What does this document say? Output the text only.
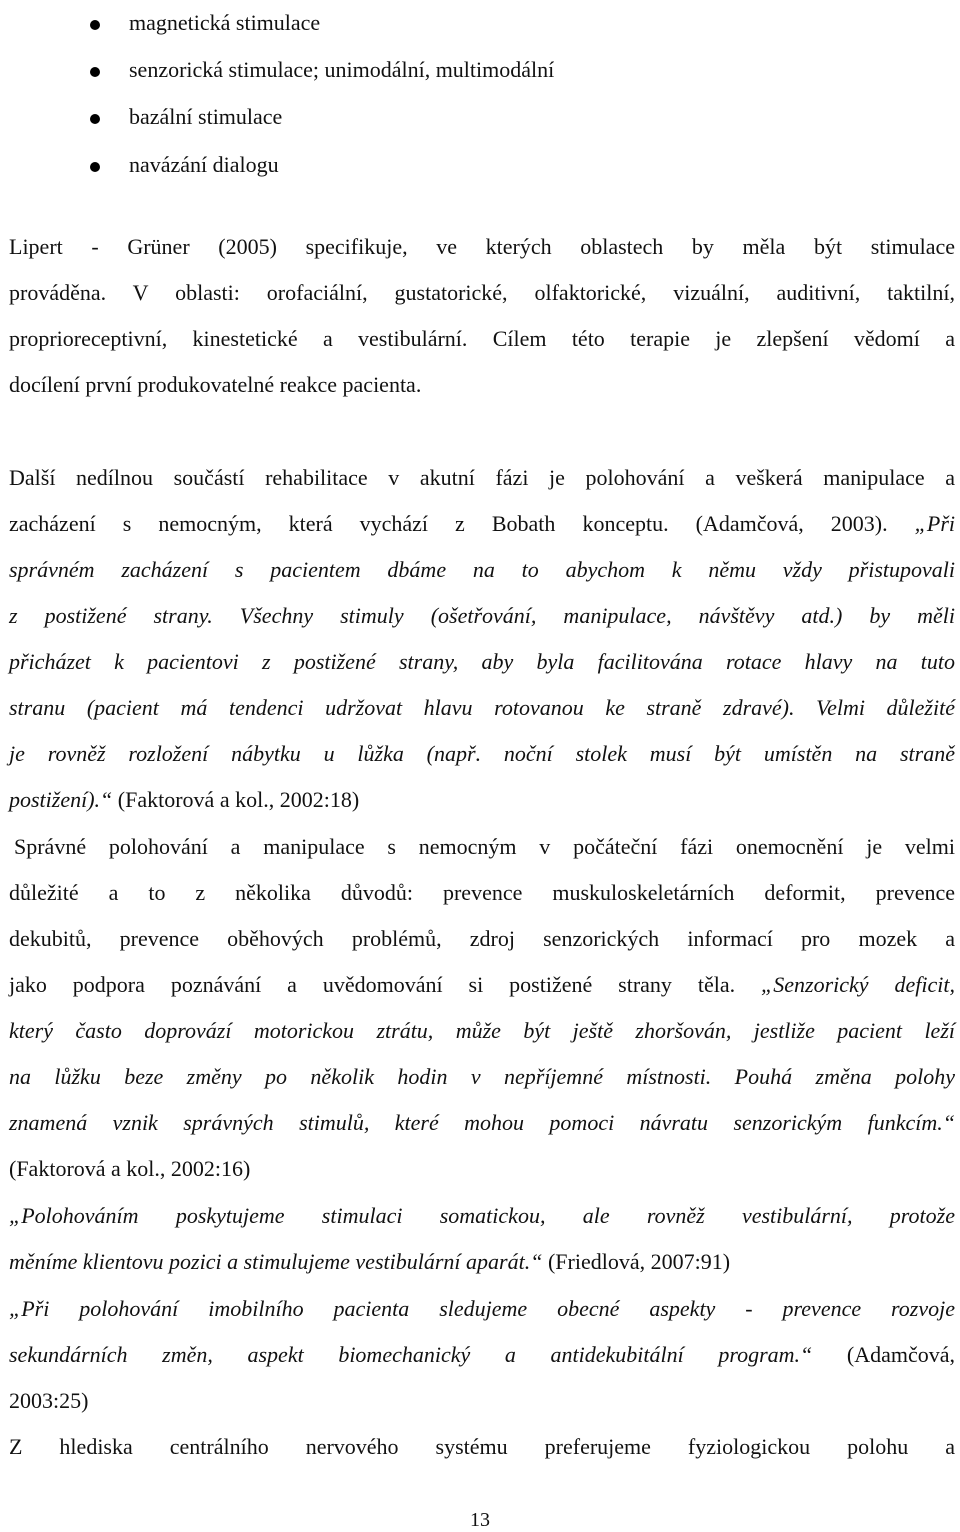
magnetická stimulace
senzorická stimulace; unimodální, multimodální
bazální stimulace
navázání dialogu
Lipert - Grüner (2005) specifikuje, ve kterých oblastech by měla být stimulace
prováděna. V oblasti: orofaciální, gustatorické, olfaktorické, vizuální, auditivní, taktilní,
proprioreceptivní, kinestetické a vestibulární. Cílem této terapie je zlepšení vědomí a
docílení první produkovatelné reakce pacienta.
Další nedílnou součástí rehabilitace v akutní fázi je polohování a veškerá manipulace a
zacházení s nemocným, která vychází z Bobath konceptu. (Adamčová, 2003). „Při
správném zacházení s pacientem dbáme na to abychom k němu vždy přistupovali
z postižené strany. Všechny stimuly (ošetřování, manipulace, návštěvy atd.) by měli
přicházet k pacientovi z postižené strany, aby byla facilitována rotace hlavy na tuto
stranu (pacient má tendenci udržovat hlavu rotovanou ke straně zdravé). Velmi důležité
je rovněž rozložení nábytku u lůžka (např. noční stolek musí být umístěn na straně
postižení).“ (Faktorová a kol., 2002:18)
Správné polohování a manipulace s nemocným v počáteční fázi onemocnění je velmi
důležité a to z několika důvodů: prevence muskuloskeletárních deformit, prevence
dekubitů, prevence oběhových problémů, zdroj senzorických informací pro mozek a
jako podpora poznávání a uvědomování si postižené strany těla. „Senzorický deficit,
který často doprovází motorickou ztrátu, může být ještě zhoršován, jestliže pacient leží
na lůžku beze změny po několik hodin v nepříjemné místnosti. Pouhá změna polohy
znamená vznik správných stimulů, které mohou pomoci návratu senzorickým funkcím.“
(Faktorová a kol., 2002:16)
„Polohováním poskytujeme stimulaci somatickou, ale rovněž vestibulární, protože
měníme klientovu pozici a stimulujeme vestibulární aparát.“ (Friedlová, 2007:91)
„Při polohování imobilního pacienta sledujeme obecné aspekty - prevence rozvoje
sekundárních změn, aspekt biomechanický a antidekubitální program.“ (Adamčová,
2003:25)
Z hlediska centrálního nervového systému preferujeme fyziologickou polohu a
13
